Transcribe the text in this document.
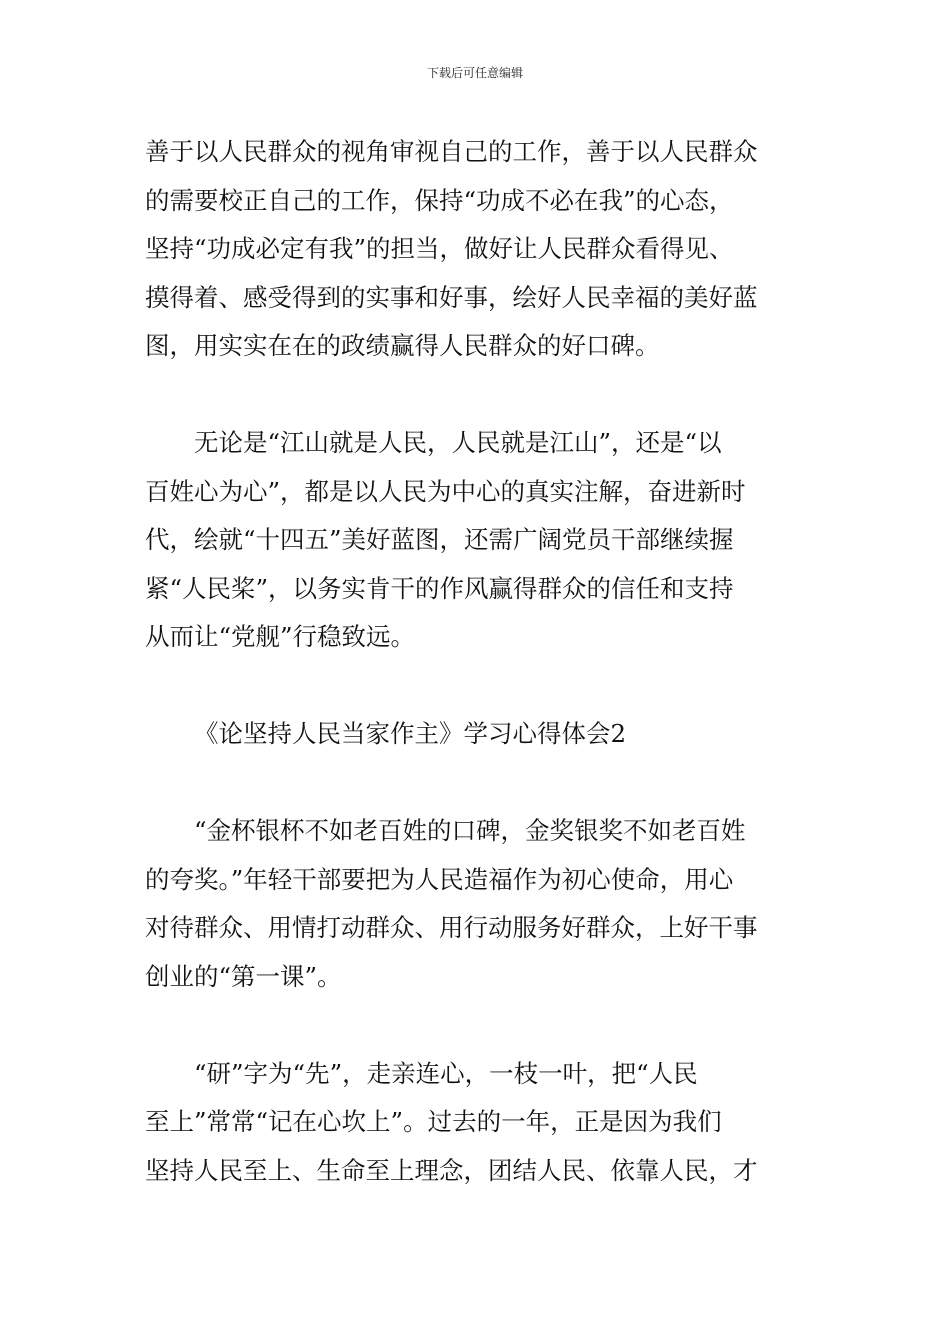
下载后可任意编辑

善于以人民群众的视角审视自己的工作，善于以人民群众
的需要校正自己的工作，保持“功成不必在我”的心态，
坚持“功成必定有我”的担当，做好让人民群众看得见、
摸得着、感受得到的实事和好事，绘好人民幸福的美好蓝
图，用实实在在的政绩赢得人民群众的好口碑。

无论是“江山就是人民，人民就是江山”，还是“以
百姓心为心”，都是以人民为中心的真实注解，奋进新时
代，绘就“十四五”美好蓝图，还需广阔党员干部继续握
紧“人民桨”，以务实肯干的作风赢得群众的信任和支持
从而让“党舰”行稳致远。

《论坚持人民当家作主》学习心得体会2

“金杯银杯不如老百姓的口碑，金奖银奖不如老百姓
的夸奖。”年轻干部要把为人民造福作为初心使命，用心
对待群众、用情打动群众、用行动服务好群众，上好干事
创业的“第一课”。

“研”字为“先”，走亲连心，一枝一叶，把“人民
至上”常常“记在心坎上”。过去的一年，正是因为我们
坚持人民至上、生命至上理念，团结人民、依靠人民，才
